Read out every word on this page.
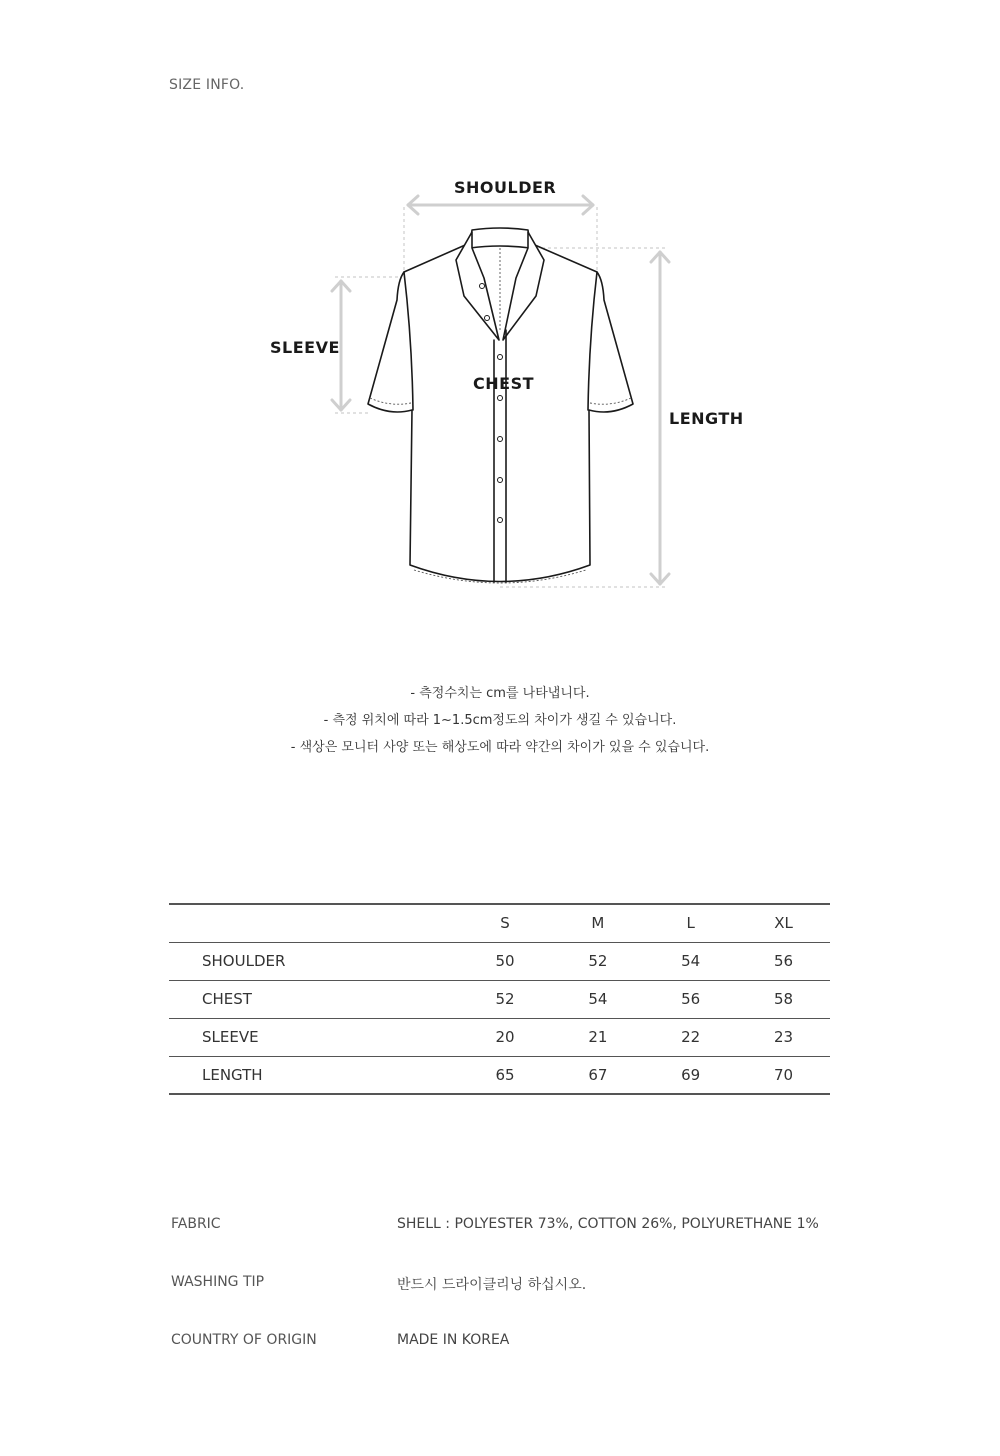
SIZE INFO.
SHOULDER
SLEEVE
CHEST
LENGTH
- 측정수치는 cm를 나타냅니다.
- 측정 위치에 따라 1~1.5cm정도의 차이가 생길 수 있습니다.
- 색상은 모니터 사양 또는 해상도에 따라 약간의 차이가 있을 수 있습니다.
	S	M	L	XL
SHOULDER	50	52	54	56
CHEST	52	54	56	58
SLEEVE	20	21	22	23
LENGTH	65	67	69	70
FABRIC	SHELL : POLYESTER 73%, COTTON 26%, POLYURETHANE 1%
WASHING TIP	반드시 드라이클리닝 하십시오.
COUNTRY OF ORIGIN	MADE IN KOREA
